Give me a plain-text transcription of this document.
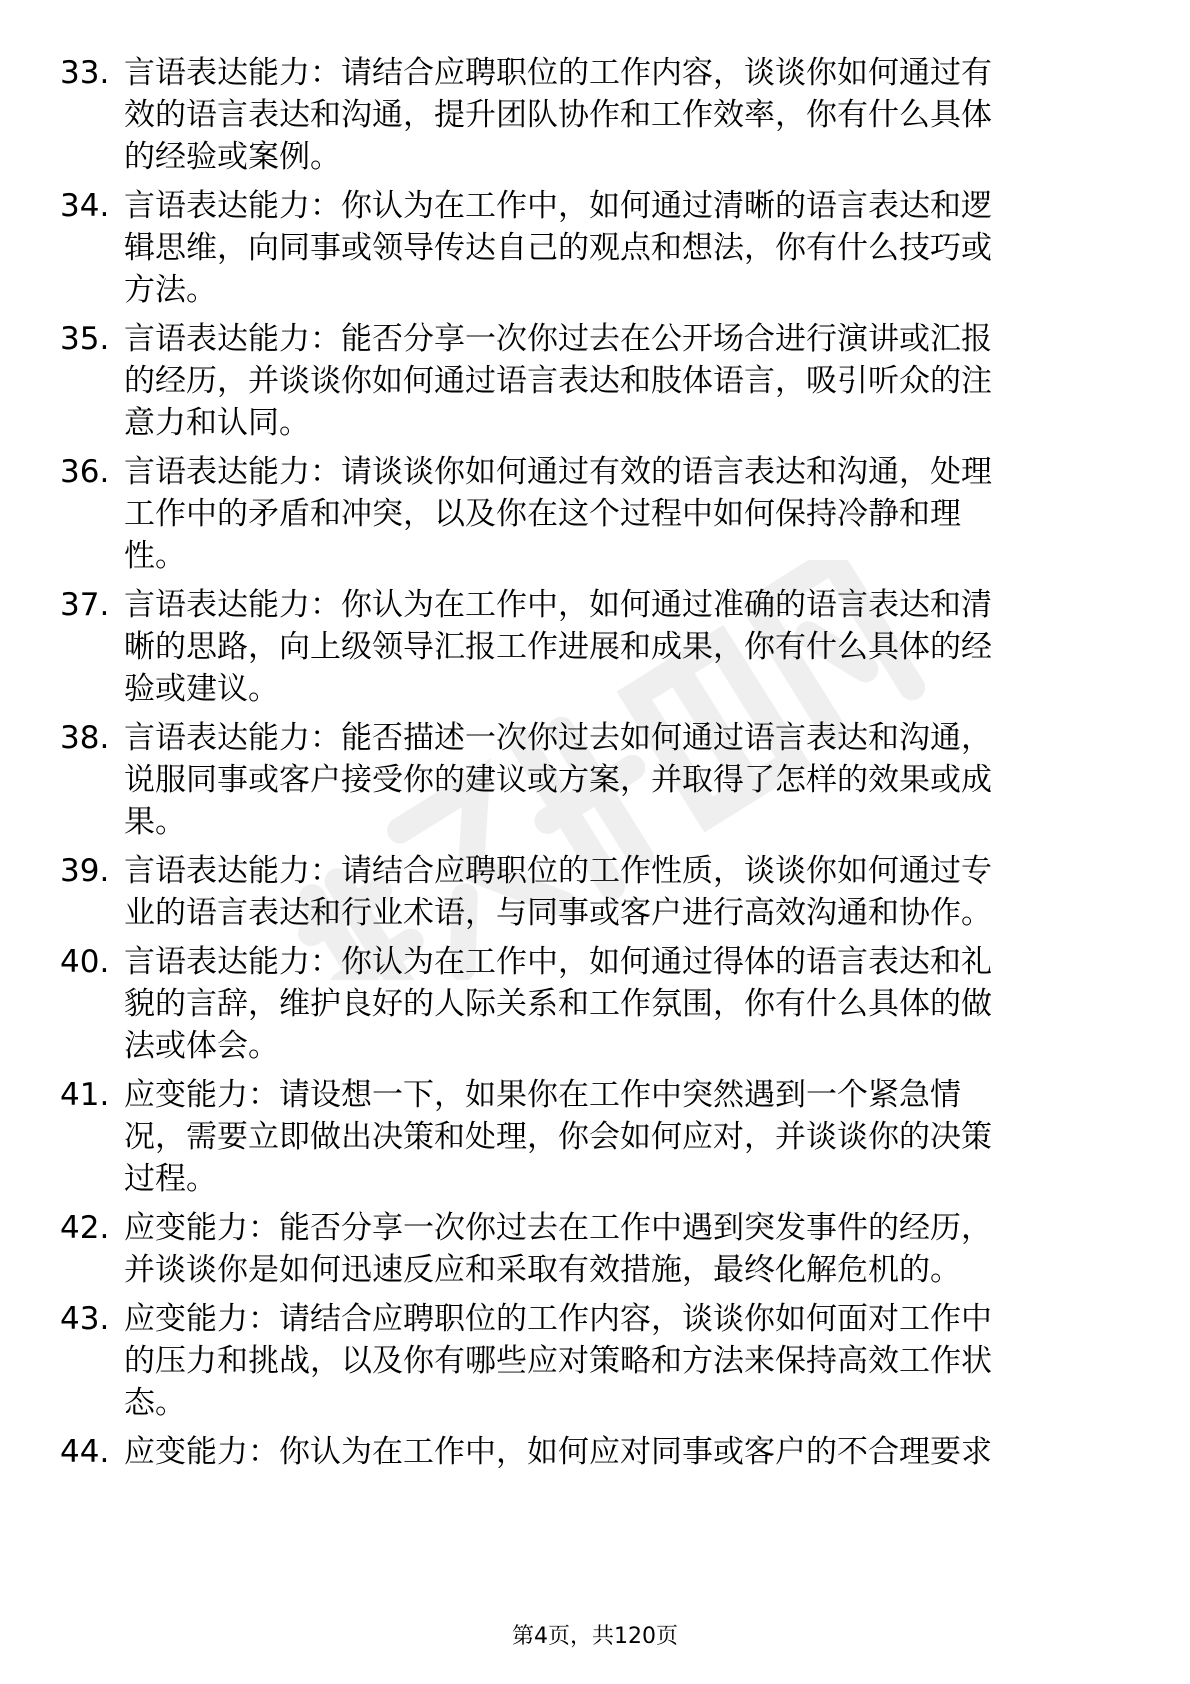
33. 言语表达能力：请结合应聘职位的工作内容，谈谈你如何通过有
效的语言表达和沟通，提升团队协作和工作效率，你有什么具体
的经验或案例。
34. 言语表达能力：你认为在工作中，如何通过清晰的语言表达和逻
辑思维，向同事或领导传达自己的观点和想法，你有什么技巧或
方法。
35. 言语表达能力：能否分享一次你过去在公开场合进行演讲或汇报
的经历，并谈谈你如何通过语言表达和肢体语言，吸引听众的注
意力和认同。
36. 言语表达能力：请谈谈你如何通过有效的语言表达和沟通，处理
工作中的矛盾和冲突，以及你在这个过程中如何保持冷静和理
性。
37. 言语表达能力：你认为在工作中，如何通过准确的语言表达和清
晰的思路，向上级领导汇报工作进展和成果，你有什么具体的经
验或建议。
38. 言语表达能力：能否描述一次你过去如何通过语言表达和沟通，
说服同事或客户接受你的建议或方案，并取得了怎样的效果或成
果。
39. 言语表达能力：请结合应聘职位的工作性质，谈谈你如何通过专
业的语言表达和行业术语，与同事或客户进行高效沟通和协作。
40. 言语表达能力：你认为在工作中，如何通过得体的语言表达和礼
貌的言辞，维护良好的人际关系和工作氛围，你有什么具体的做
法或体会。
41. 应变能力：请设想一下，如果你在工作中突然遇到一个紧急情
况，需要立即做出决策和处理，你会如何应对，并谈谈你的决策
过程。
42. 应变能力：能否分享一次你过去在工作中遇到突发事件的经历，
并谈谈你是如何迅速反应和采取有效措施，最终化解危机的。
43. 应变能力：请结合应聘职位的工作内容，谈谈你如何面对工作中
的压力和挑战，以及你有哪些应对策略和方法来保持高效工作状
态。
44. 应变能力：你认为在工作中，如何应对同事或客户的不合理要求
第4页，共120页
